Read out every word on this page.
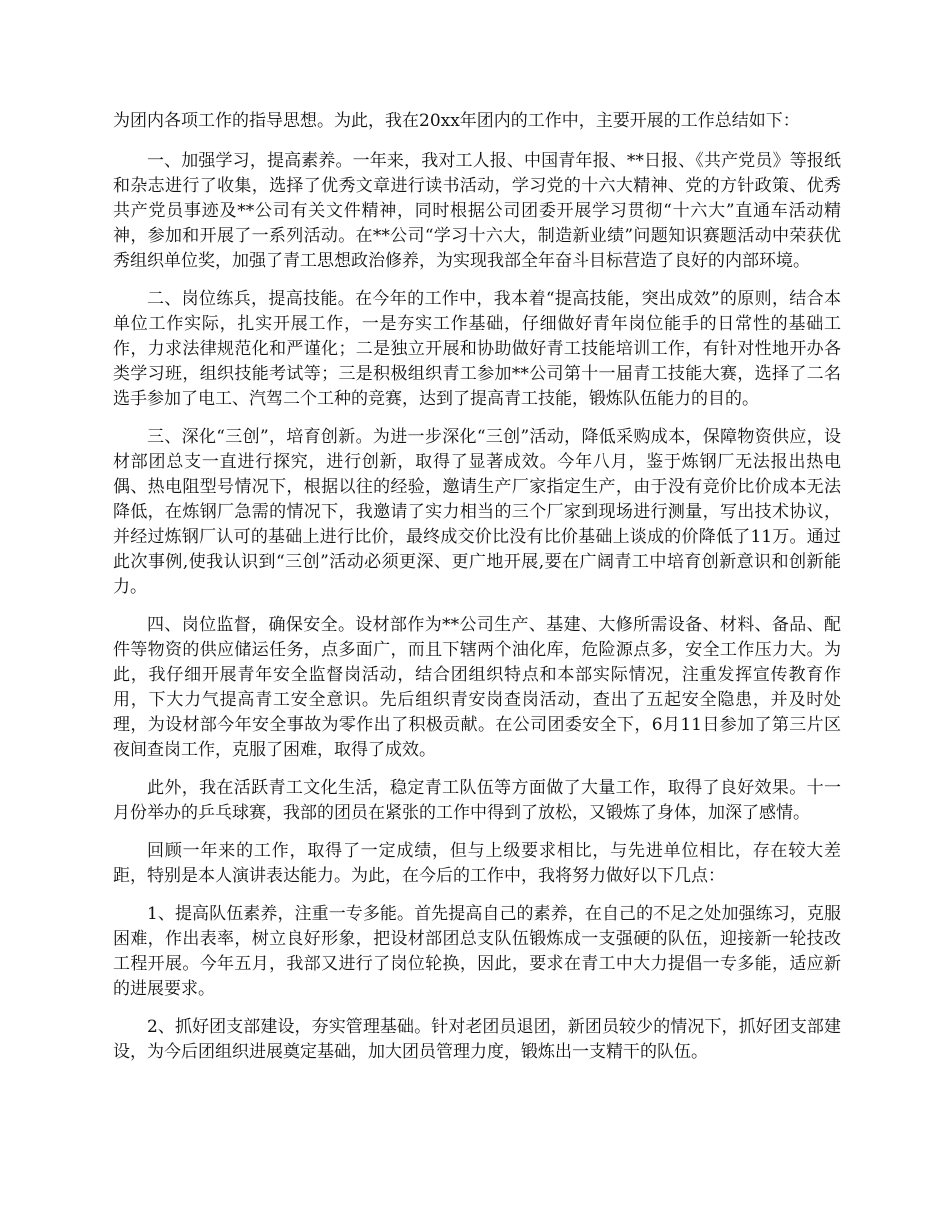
为团内各项工作的指导思想。为此，我在20xx年团内的工作中，主要开展的工作总结如下：

一、加强学习，提高素养。一年来，我对工人报、中国青年报、**日报、《共产党员》等报纸和杂志进行了收集，选择了优秀文章进行读书活动，学习党的十六大精神、党的方针政策、优秀共产党员事迹及**公司有关文件精神，同时根据公司团委开展学习贯彻“十六大”直通车活动精神，参加和开展了一系列活动。在**公司“学习十六大，制造新业绩”问题知识赛题活动中荣获优秀组织单位奖，加强了青工思想政治修养，为实现我部全年奋斗目标营造了良好的内部环境。

二、岗位练兵，提高技能。在今年的工作中，我本着“提高技能，突出成效”的原则，结合本单位工作实际，扎实开展工作，一是夯实工作基础，仔细做好青年岗位能手的日常性的基础工作，力求法律规范化和严谨化；二是独立开展和协助做好青工技能培训工作，有针对性地开办各类学习班，组织技能考试等；三是积极组织青工参加**公司第十一届青工技能大赛，选择了二名选手参加了电工、汽驾二个工种的竞赛，达到了提高青工技能，锻炼队伍能力的目的。

三、深化“三创”，培育创新。为进一步深化“三创”活动，降低采购成本，保障物资供应，设材部团总支一直进行探究，进行创新，取得了显著成效。今年八月，鉴于炼钢厂无法报出热电偶、热电阻型号情况下，根据以往的经验，邀请生产厂家指定生产，由于没有竞价比价成本无法降低，在炼钢厂急需的情况下，我邀请了实力相当的三个厂家到现场进行测量，写出技术协议，并经过炼钢厂认可的基础上进行比价，最终成交价比没有比价基础上谈成的价降低了11万。通过此次事例,使我认识到“三创”活动必须更深、更广地开展,要在广阔青工中培育创新意识和创新能力。

四、岗位监督，确保安全。设材部作为**公司生产、基建、大修所需设备、材料、备品、配件等物资的供应储运任务，点多面广，而且下辖两个油化库，危险源点多，安全工作压力大。为此，我仔细开展青年安全监督岗活动，结合团组织特点和本部实际情况，注重发挥宣传教育作用，下大力气提高青工安全意识。先后组织青安岗查岗活动，查出了五起安全隐患，并及时处理，为设材部今年安全事故为零作出了积极贡献。在公司团委安全下，6月11日参加了第三片区夜间查岗工作，克服了困难，取得了成效。

此外，我在活跃青工文化生活，稳定青工队伍等方面做了大量工作，取得了良好效果。十一月份举办的乒乓球赛，我部的团员在紧张的工作中得到了放松，又锻炼了身体，加深了感情。

回顾一年来的工作，取得了一定成绩，但与上级要求相比，与先进单位相比，存在较大差距，特别是本人演讲表达能力。为此，在今后的工作中，我将努力做好以下几点：

1、提高队伍素养，注重一专多能。首先提高自己的素养，在自己的不足之处加强练习，克服困难，作出表率，树立良好形象，把设材部团总支队伍锻炼成一支强硬的队伍，迎接新一轮技改工程开展。今年五月，我部又进行了岗位轮换，因此，要求在青工中大力提倡一专多能，适应新的进展要求。

2、抓好团支部建设，夯实管理基础。针对老团员退团，新团员较少的情况下，抓好团支部建设，为今后团组织进展奠定基础，加大团员管理力度，锻炼出一支精干的队伍。
